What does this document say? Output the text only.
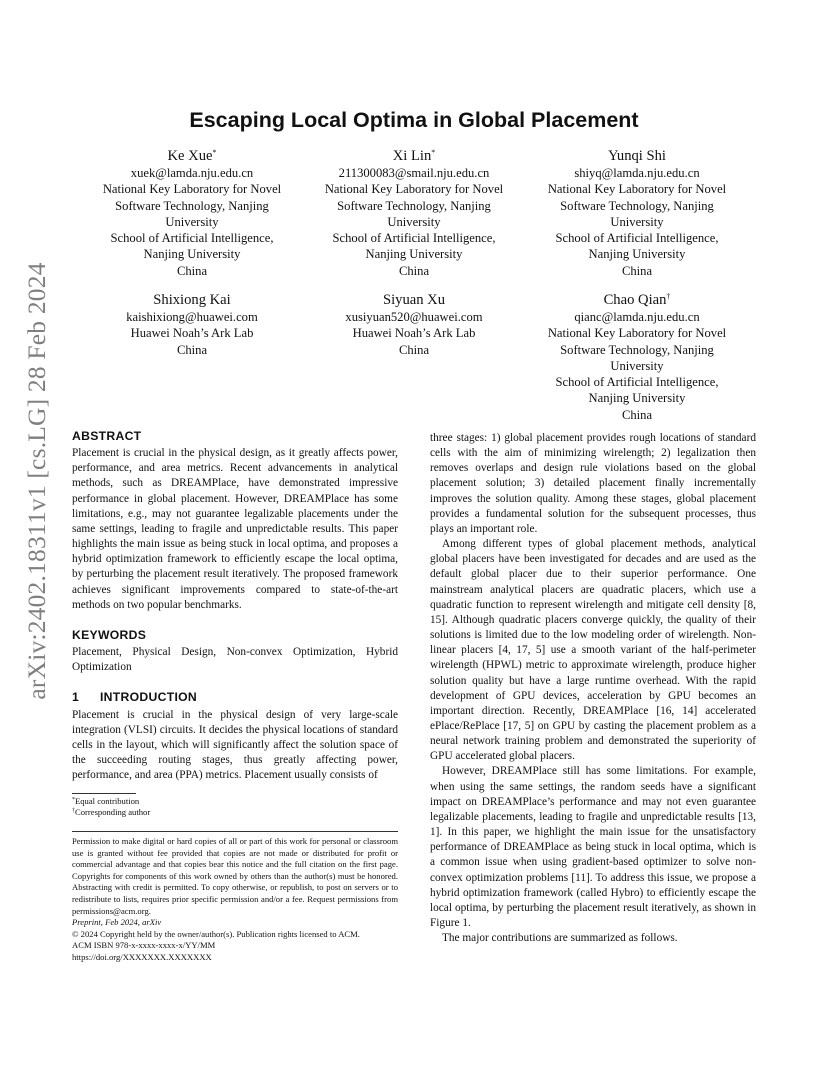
arXiv:2402.18311v1 [cs.LG] 28 Feb 2024
Escaping Local Optima in Global Placement
Ke Xue*
xuek@lamda.nju.edu.cn
National Key Laboratory for Novel
Software Technology, Nanjing
University
School of Artificial Intelligence,
Nanjing University
China
Xi Lin*
211300083@smail.nju.edu.cn
National Key Laboratory for Novel
Software Technology, Nanjing
University
School of Artificial Intelligence,
Nanjing University
China
Yunqi Shi
shiyq@lamda.nju.edu.cn
National Key Laboratory for Novel
Software Technology, Nanjing
University
School of Artificial Intelligence,
Nanjing University
China
Shixiong Kai
kaishixiong@huawei.com
Huawei Noah’s Ark Lab
China
Siyuan Xu
xusiyuan520@huawei.com
Huawei Noah’s Ark Lab
China
Chao Qian†
qianc@lamda.nju.edu.cn
National Key Laboratory for Novel
Software Technology, Nanjing
University
School of Artificial Intelligence,
Nanjing University
China
ABSTRACT

Placement is crucial in the physical design, as it greatly affects power, performance, and area metrics. Recent advancements in analytical methods, such as DREAMPlace, have demonstrated impressive performance in global placement. However, DREAMPlace has some limitations, e.g., may not guarantee legalizable placements under the same settings, leading to fragile and unpredictable results. This paper highlights the main issue as being stuck in local optima, and proposes a hybrid optimization framework to efficiently escape the local optima, by perturbing the placement result iteratively. The proposed framework achieves significant improvements compared to state-of-the-art methods on two popular benchmarks.

KEYWORDS

Placement, Physical Design, Non-convex Optimization, Hybrid Optimization

1 INTRODUCTION

Placement is crucial in the physical design of very large-scale integration (VLSI) circuits. It decides the physical locations of standard cells in the layout, which will significantly affect the solution space of the succeeding routing stages, thus greatly affecting power, performance, and area (PPA) metrics. Placement usually consists of

*Equal contribution
†Corresponding author

Permission to make digital or hard copies of all or part of this work for personal or classroom use is granted without fee provided that copies are not made or distributed for profit or commercial advantage and that copies bear this notice and the full citation on the first page. Copyrights for components of this work owned by others than the author(s) must be honored. Abstracting with credit is permitted. To copy otherwise, or republish, to post on servers or to redistribute to lists, requires prior specific permission and/or a fee. Request permissions from permissions@acm.org.

Preprint, Feb 2024, arXiv
© 2024 Copyright held by the owner/author(s). Publication rights licensed to ACM.
ACM ISBN 978-x-xxxx-xxxx-x/YY/MM
https://doi.org/XXXXXXX.XXXXXXX

three stages: 1) global placement provides rough locations of standard cells with the aim of minimizing wirelength; 2) legalization then removes overlaps and design rule violations based on the global placement solution; 3) detailed placement finally incrementally improves the solution quality. Among these stages, global placement provides a fundamental solution for the subsequent processes, thus plays an important role.

Among different types of global placement methods, analytical global placers have been investigated for decades and are used as the default global placer due to their superior performance. One mainstream analytical placers are quadratic placers, which use a quadratic function to represent wirelength and mitigate cell density [8, 15]. Although quadratic placers converge quickly, the quality of their solutions is limited due to the low modeling order of wirelength. Non-linear placers [4, 17, 5] use a smooth variant of the half-perimeter wirelength (HPWL) metric to approximate wirelength, produce higher solution quality but have a large runtime overhead. With the rapid development of GPU devices, acceleration by GPU becomes an important direction. Recently, DREAMPlace [16, 14] accelerated ePlace/RePlace [17, 5] on GPU by casting the placement problem as a neural network training problem and demonstrated the superiority of GPU accelerated global placers.

However, DREAMPlace still has some limitations. For example, when using the same settings, the random seeds have a significant impact on DREAMPlace’s performance and may not even guarantee legalizable placements, leading to fragile and unpredictable results [13, 1]. In this paper, we highlight the main issue for the unsatisfactory performance of DREAMPlace as being stuck in local optima, which is a common issue when using gradient-based optimizer to solve non-convex optimization problems [11]. To address this issue, we propose a hybrid optimization framework (called Hybro) to efficiently escape the local optima, by perturbing the placement result iteratively, as shown in Figure 1.

The major contributions are summarized as follows.
